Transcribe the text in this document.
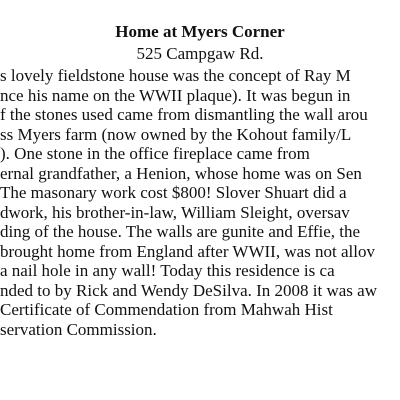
Home at Myers Corner
525 Campgaw Rd.
s lovely fieldstone house was the concept of Ray M
nce his name on the WWII plaque). It was begun in
f the stones used came from dismantling the wall arou
ss Myers farm (now owned by the Kohout family/L
). One stone in the office fireplace came from
ernal grandfather, a Henion, whose home was on Sen
The masonary work cost $800! Slover Shuart did a
dwork, his brother-in-law, William Sleight, oversav
ding of the house. The walls are gunite and Effie, the
brought home from England after WWII, was not allov
a nail hole in any wall! Today this residence is ca
nded to by Rick and Wendy DeSilva. In 2008 it was aw
Certificate of Commendation from Mahwah Hist
servation Commission.
